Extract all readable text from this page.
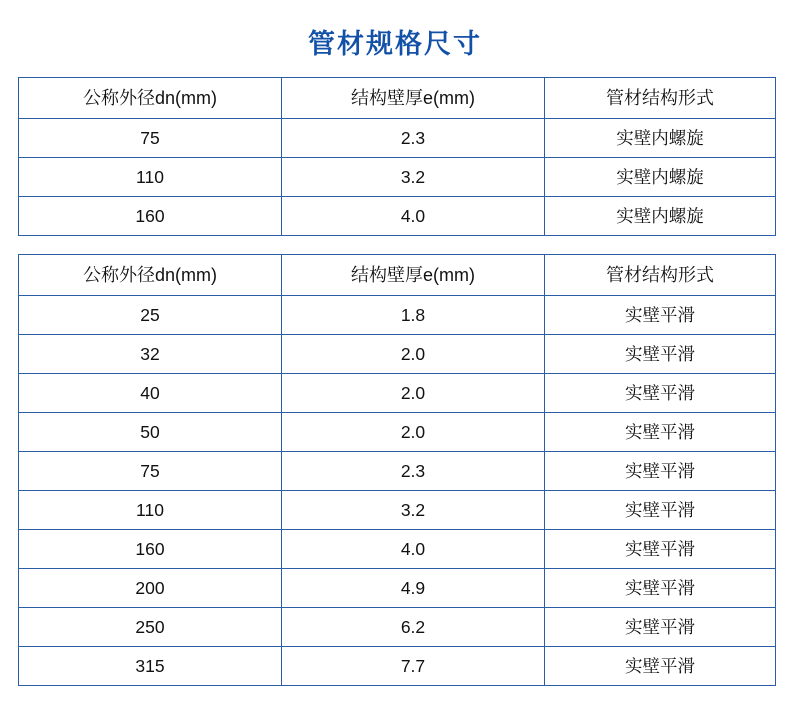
管材规格尺寸
公称外径dn(mm)	结构壁厚e(mm)	管材结构形式
75	2.3	实壁内螺旋
110	3.2	实壁内螺旋
160	4.0	实壁内螺旋
公称外径dn(mm)	结构壁厚e(mm)	管材结构形式
25	1.8	实壁平滑
32	2.0	实壁平滑
40	2.0	实壁平滑
50	2.0	实壁平滑
75	2.3	实壁平滑
110	3.2	实壁平滑
160	4.0	实壁平滑
200	4.9	实壁平滑
250	6.2	实壁平滑
315	7.7	实壁平滑
